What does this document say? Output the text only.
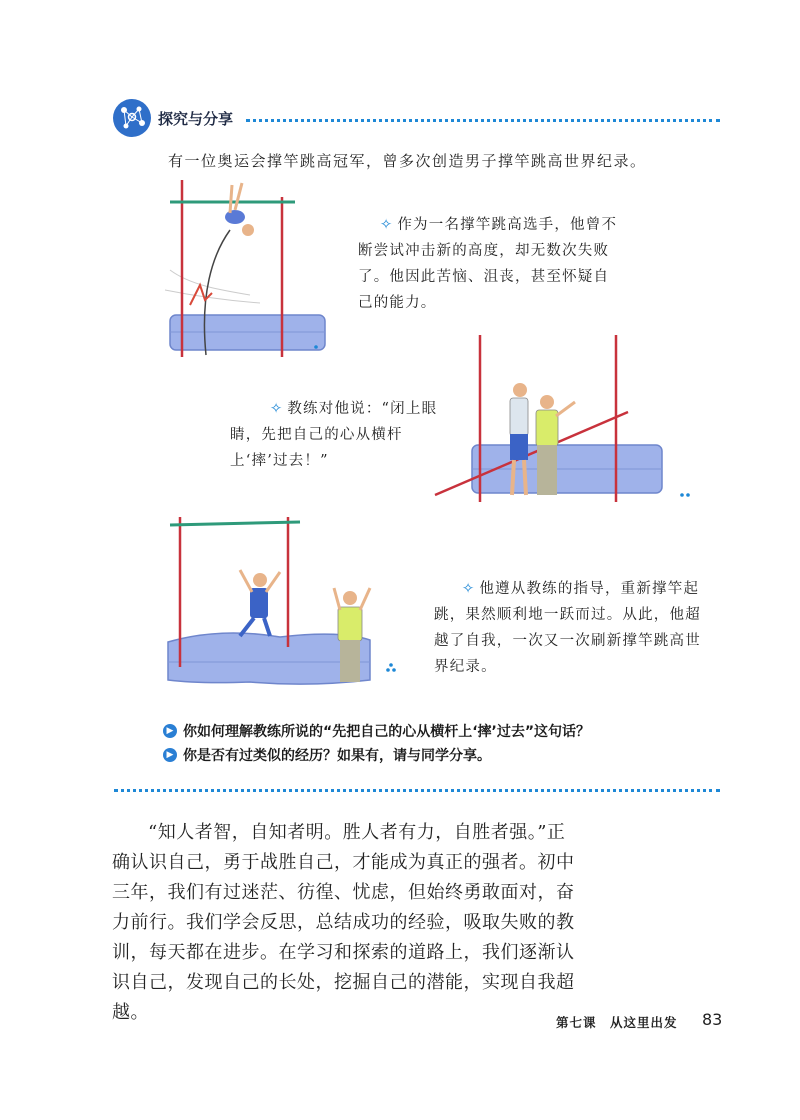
探究与分享
有一位奥运会撑竿跳高冠军，曾多次创造男子撑竿跳高世界纪录。
✧ 作为一名撑竿跳高选手，他曾不断尝试冲击新的高度，却无数次失败了。他因此苦恼、沮丧，甚至怀疑自己的能力。
✧ 教练对他说：“闭上眼睛，先把自己的心从横杆上‘摔’过去！”
✧ 他遵从教练的指导，重新撑竿起跳，果然顺利地一跃而过。从此，他超越了自我，一次又一次刷新撑竿跳高世界纪录。
▶ 你如何理解教练所说的“先把自己的心从横杆上‘摔’过去”这句话？
▶ 你是否有过类似的经历？如果有，请与同学分享。
“知人者智，自知者明。胜人者有力，自胜者强。”正确认识自己，勇于战胜自己，才能成为真正的强者。初中三年，我们有过迷茫、彷徨、忧虑，但始终勇敢面对，奋力前行。我们学会反思，总结成功的经验，吸取失败的教训，每天都在进步。在学习和探索的道路上，我们逐渐认识自己，发现自己的长处，挖掘自己的潜能，实现自我超越。	第七课　从这里出发 83
